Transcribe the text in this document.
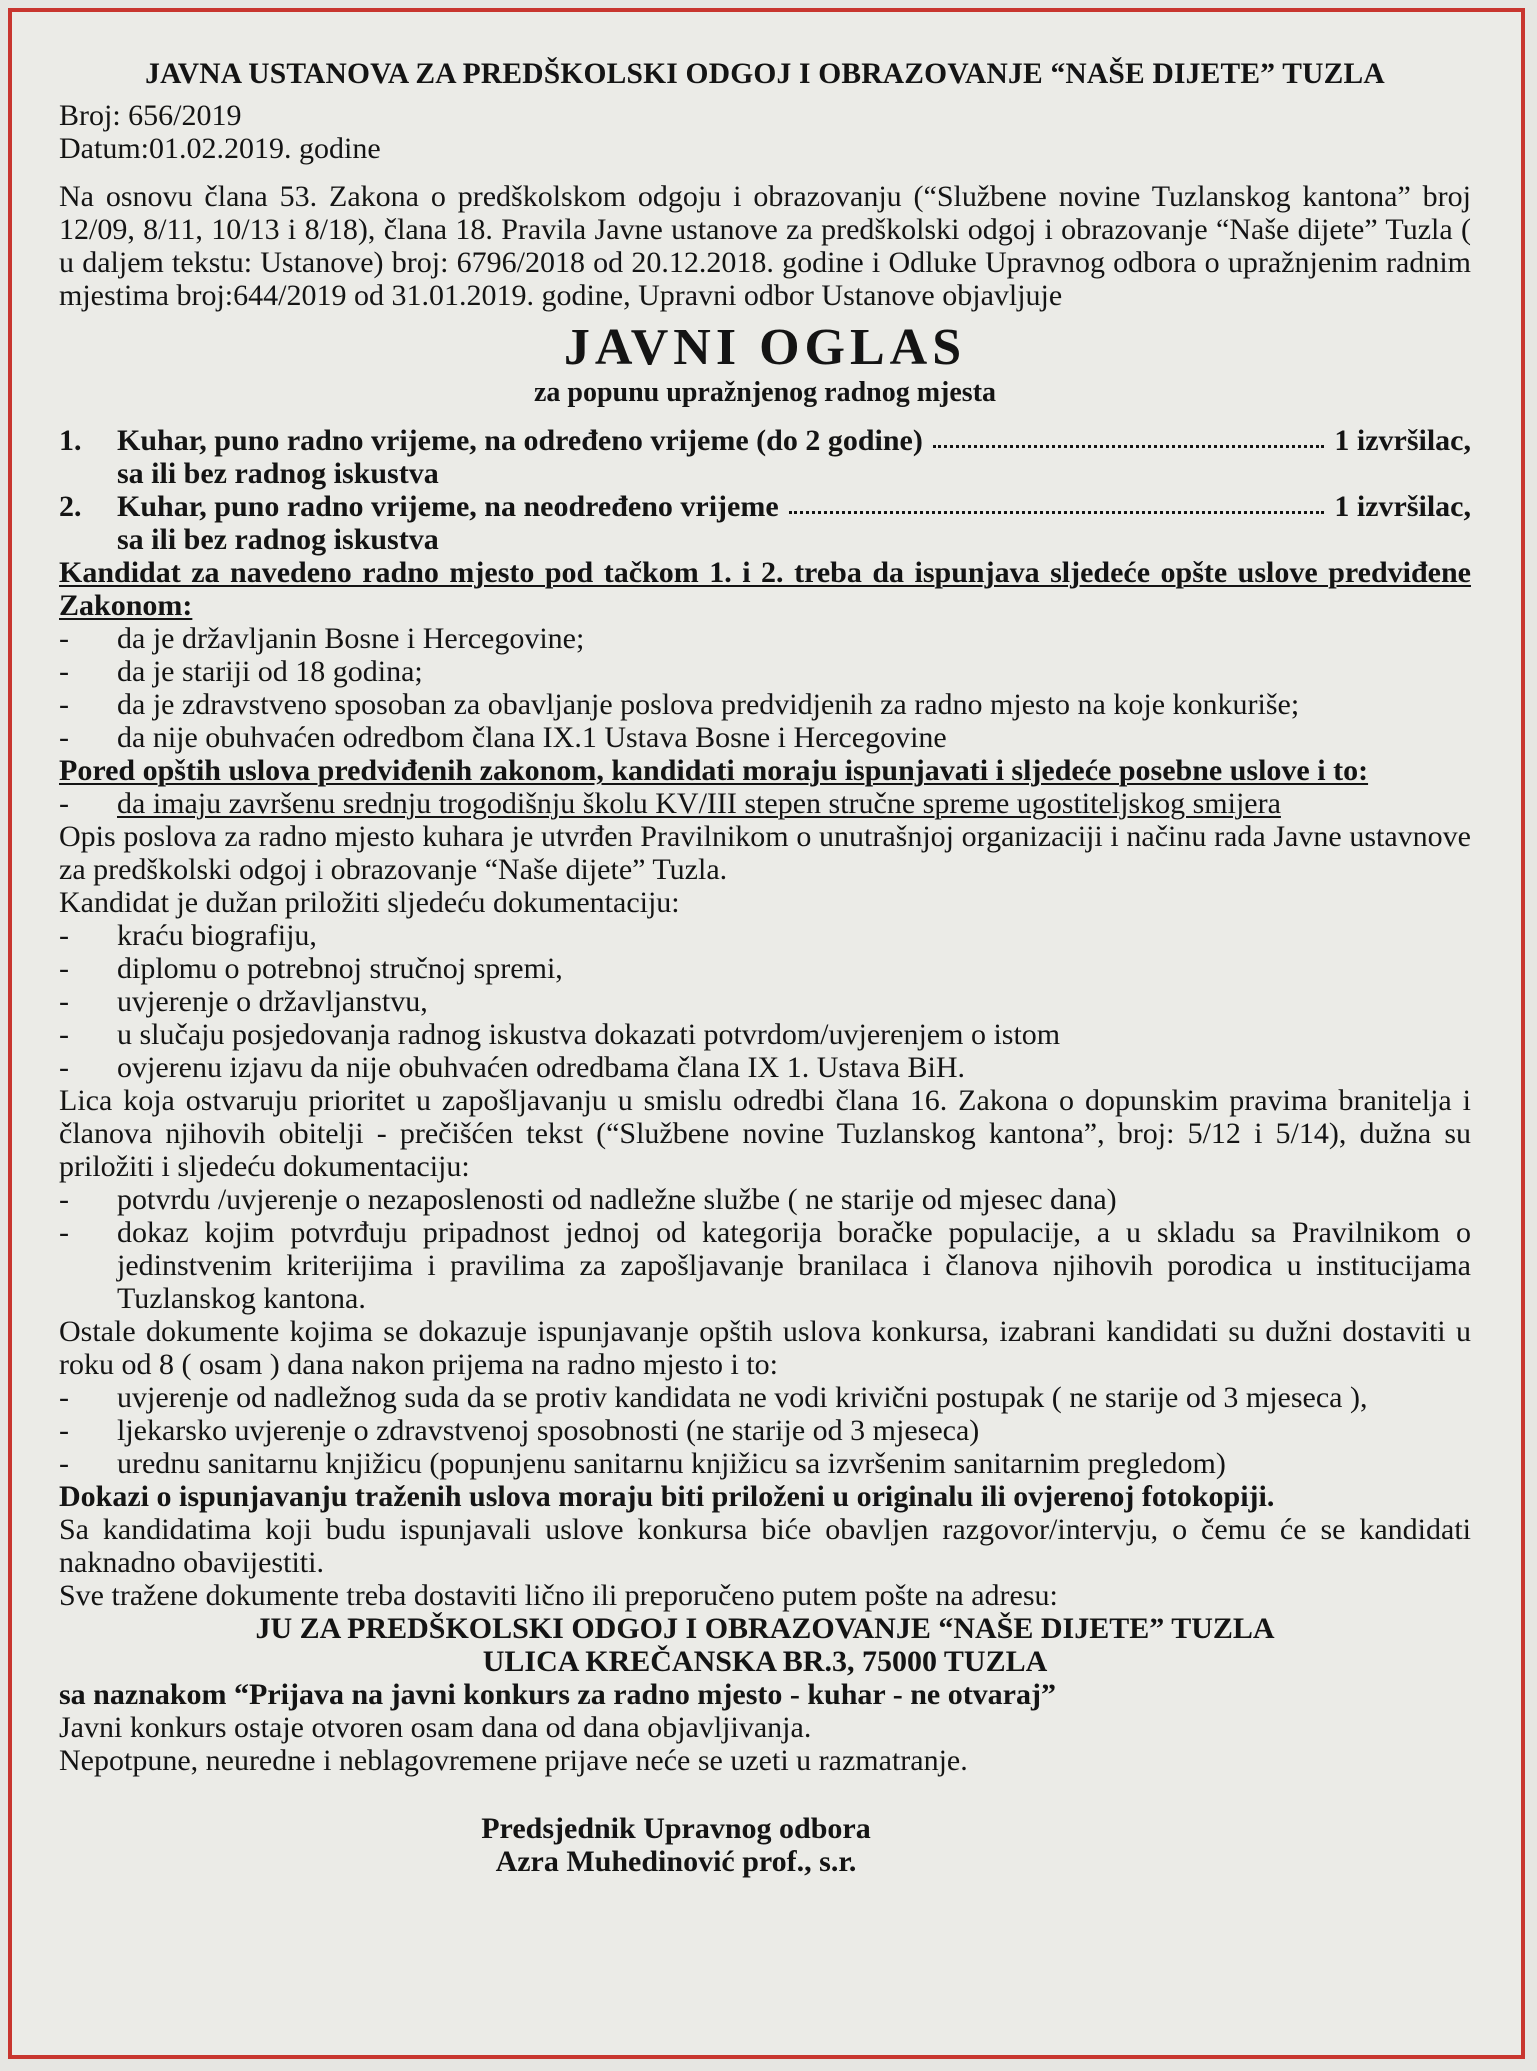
JAVNA USTANOVA ZA PREDŠKOLSKI ODGOJ I OBRAZOVANJE “NAŠE DIJETE” TUZLA
Broj: 656/2019
Datum:01.02.2019. godine
Na osnovu člana 53. Zakona o predškolskom odgoju i obrazovanju (“Službene novine Tuzlanskog kantona” broj 12/09, 8/11, 10/13 i 8/18), člana 18. Pravila Javne ustanove za predškolski odgoj i obrazovanje “Naše dijete” Tuzla ( u daljem tekstu: Ustanove) broj: 6796/2018 od 20.12.2018. godine i Odluke Upravnog odbora o upražnjenim radnim mjestima broj:644/2019 od 31.01.2019. godine, Upravni odbor Ustanove objavljuje
JAVNI OGLAS
za popunu upražnjenog radnog mjesta
1.	Kuhar, puno radno vrijeme, na određeno vrijeme (do 2 godine)	1 izvršilac,
sa ili bez radnog iskustva
2.	Kuhar, puno radno vrijeme, na neodređeno vrijeme	1 izvršilac,
sa ili bez radnog iskustva
Kandidat za navedeno radno mjesto pod tačkom 1. i 2. treba da ispunjava sljedeće opšte uslove predviđene Zakonom:
-	da je državljanin Bosne i Hercegovine;
-	da je stariji od 18 godina;
-	da je zdravstveno sposoban za obavljanje poslova predvidjenih za radno mjesto na koje konkuriše;
-	da nije obuhvaćen odredbom člana IX.1 Ustava Bosne i Hercegovine
Pored opštih uslova predviđenih zakonom, kandidati moraju ispunjavati i sljedeće posebne uslove i to:
-	da imaju završenu srednju trogodišnju školu KV/III stepen stručne spreme ugostiteljskog smijera
Opis poslova za radno mjesto kuhara je utvrđen Pravilnikom o unutrašnjoj organizaciji i načinu rada Javne ustavnove za predškolski odgoj i obrazovanje “Naše dijete” Tuzla.
Kandidat je dužan priložiti sljedeću dokumentaciju:
-	kraću biografiju,
-	diplomu o potrebnoj stručnoj spremi,
-	uvjerenje o državljanstvu,
-	u slučaju posjedovanja radnog iskustva dokazati potvrdom/uvjerenjem o istom
-	ovjerenu izjavu da nije obuhvaćen odredbama člana IX 1. Ustava BiH.
Lica koja ostvaruju prioritet u zapošljavanju u smislu odredbi člana 16. Zakona o dopunskim pravima branitelja i članova njihovih obitelji - prečišćen tekst (“Službene novine Tuzlanskog kantona”, broj: 5/12 i 5/14), dužna su priložiti i sljedeću dokumentaciju:
-	potvrdu /uvjerenje o nezaposlenosti od nadležne službe ( ne starije od mjesec dana)
-	dokaz kojim potvrđuju pripadnost jednoj od kategorija boračke populacije, a u skladu sa Pravilnikom o jedinstvenim kriterijima i pravilima za zapošljavanje branilaca i članova njihovih porodica u institucijama Tuzlanskog kantona.
Ostale dokumente kojima se dokazuje ispunjavanje opštih uslova konkursa, izabrani kandidati su dužni dostaviti u roku od 8 ( osam ) dana nakon prijema na radno mjesto i to:
-	uvjerenje od nadležnog suda da se protiv kandidata ne vodi krivični postupak ( ne starije od 3 mjeseca ),
-	ljekarsko uvjerenje o zdravstvenoj sposobnosti (ne starije od 3 mjeseca)
-	urednu sanitarnu knjižicu (popunjenu sanitarnu knjižicu sa izvršenim sanitarnim pregledom)
Dokazi o ispunjavanju traženih uslova moraju biti priloženi u originalu ili ovjerenoj fotokopiji.
Sa kandidatima koji budu ispunjavali uslove konkursa biće obavljen razgovor/intervju, o čemu će se kandidati naknadno obavijestiti.
Sve tražene dokumente treba dostaviti lično ili preporučeno putem pošte na adresu:
JU ZA PREDŠKOLSKI ODGOJ I OBRAZOVANJE “NAŠE DIJETE” TUZLA
ULICA KREČANSKA BR.3, 75000 TUZLA
sa naznakom “Prijava na javni konkurs za radno mjesto - kuhar - ne otvaraj”
Javni konkurs ostaje otvoren osam dana od dana objavljivanja.
Nepotpune, neuredne i neblagovremene prijave neće se uzeti u razmatranje.
Predsjednik Upravnog odbora
Azra Muhedinović prof., s.r.
